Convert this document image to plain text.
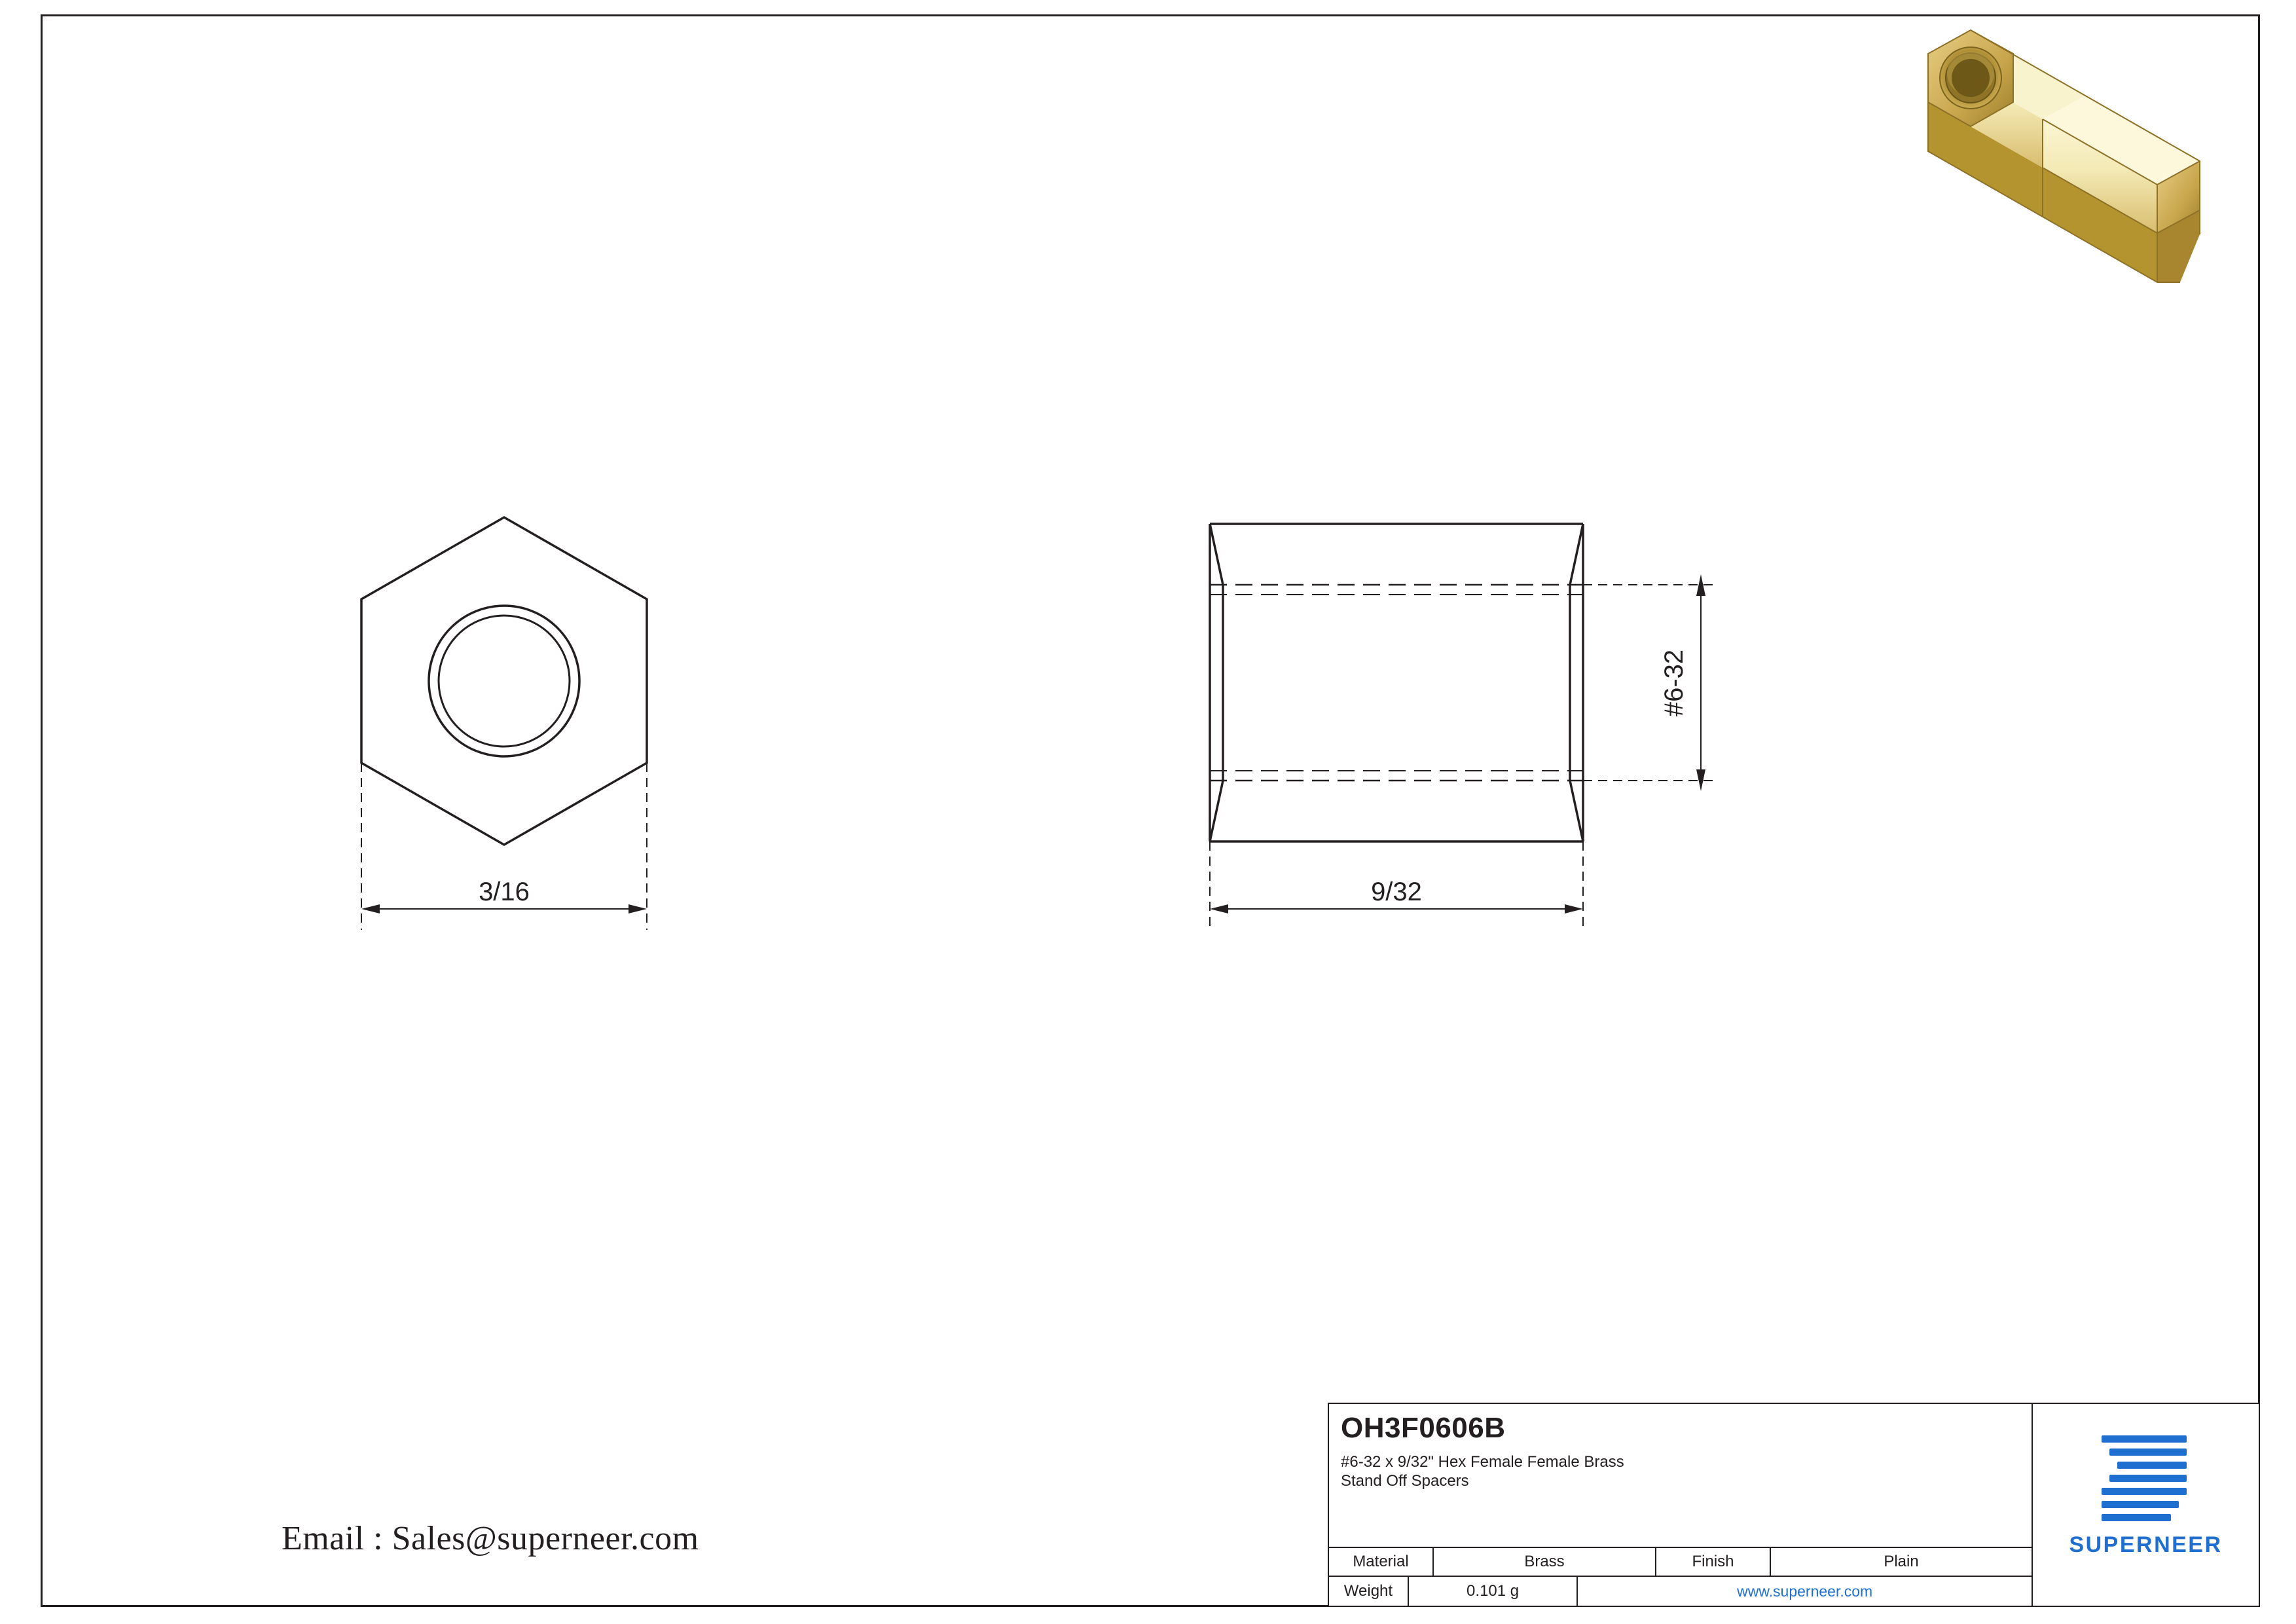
3/16
#6-32
9/32
Email : Sales@superneer.com
OH3F0606B
#6-32 x 9/32" Hex Female Female Brass
Stand Off Spacers
Material	Brass	Finish	Plain
Weight	0.101 g	www.superneer.com
SUPERNEER
